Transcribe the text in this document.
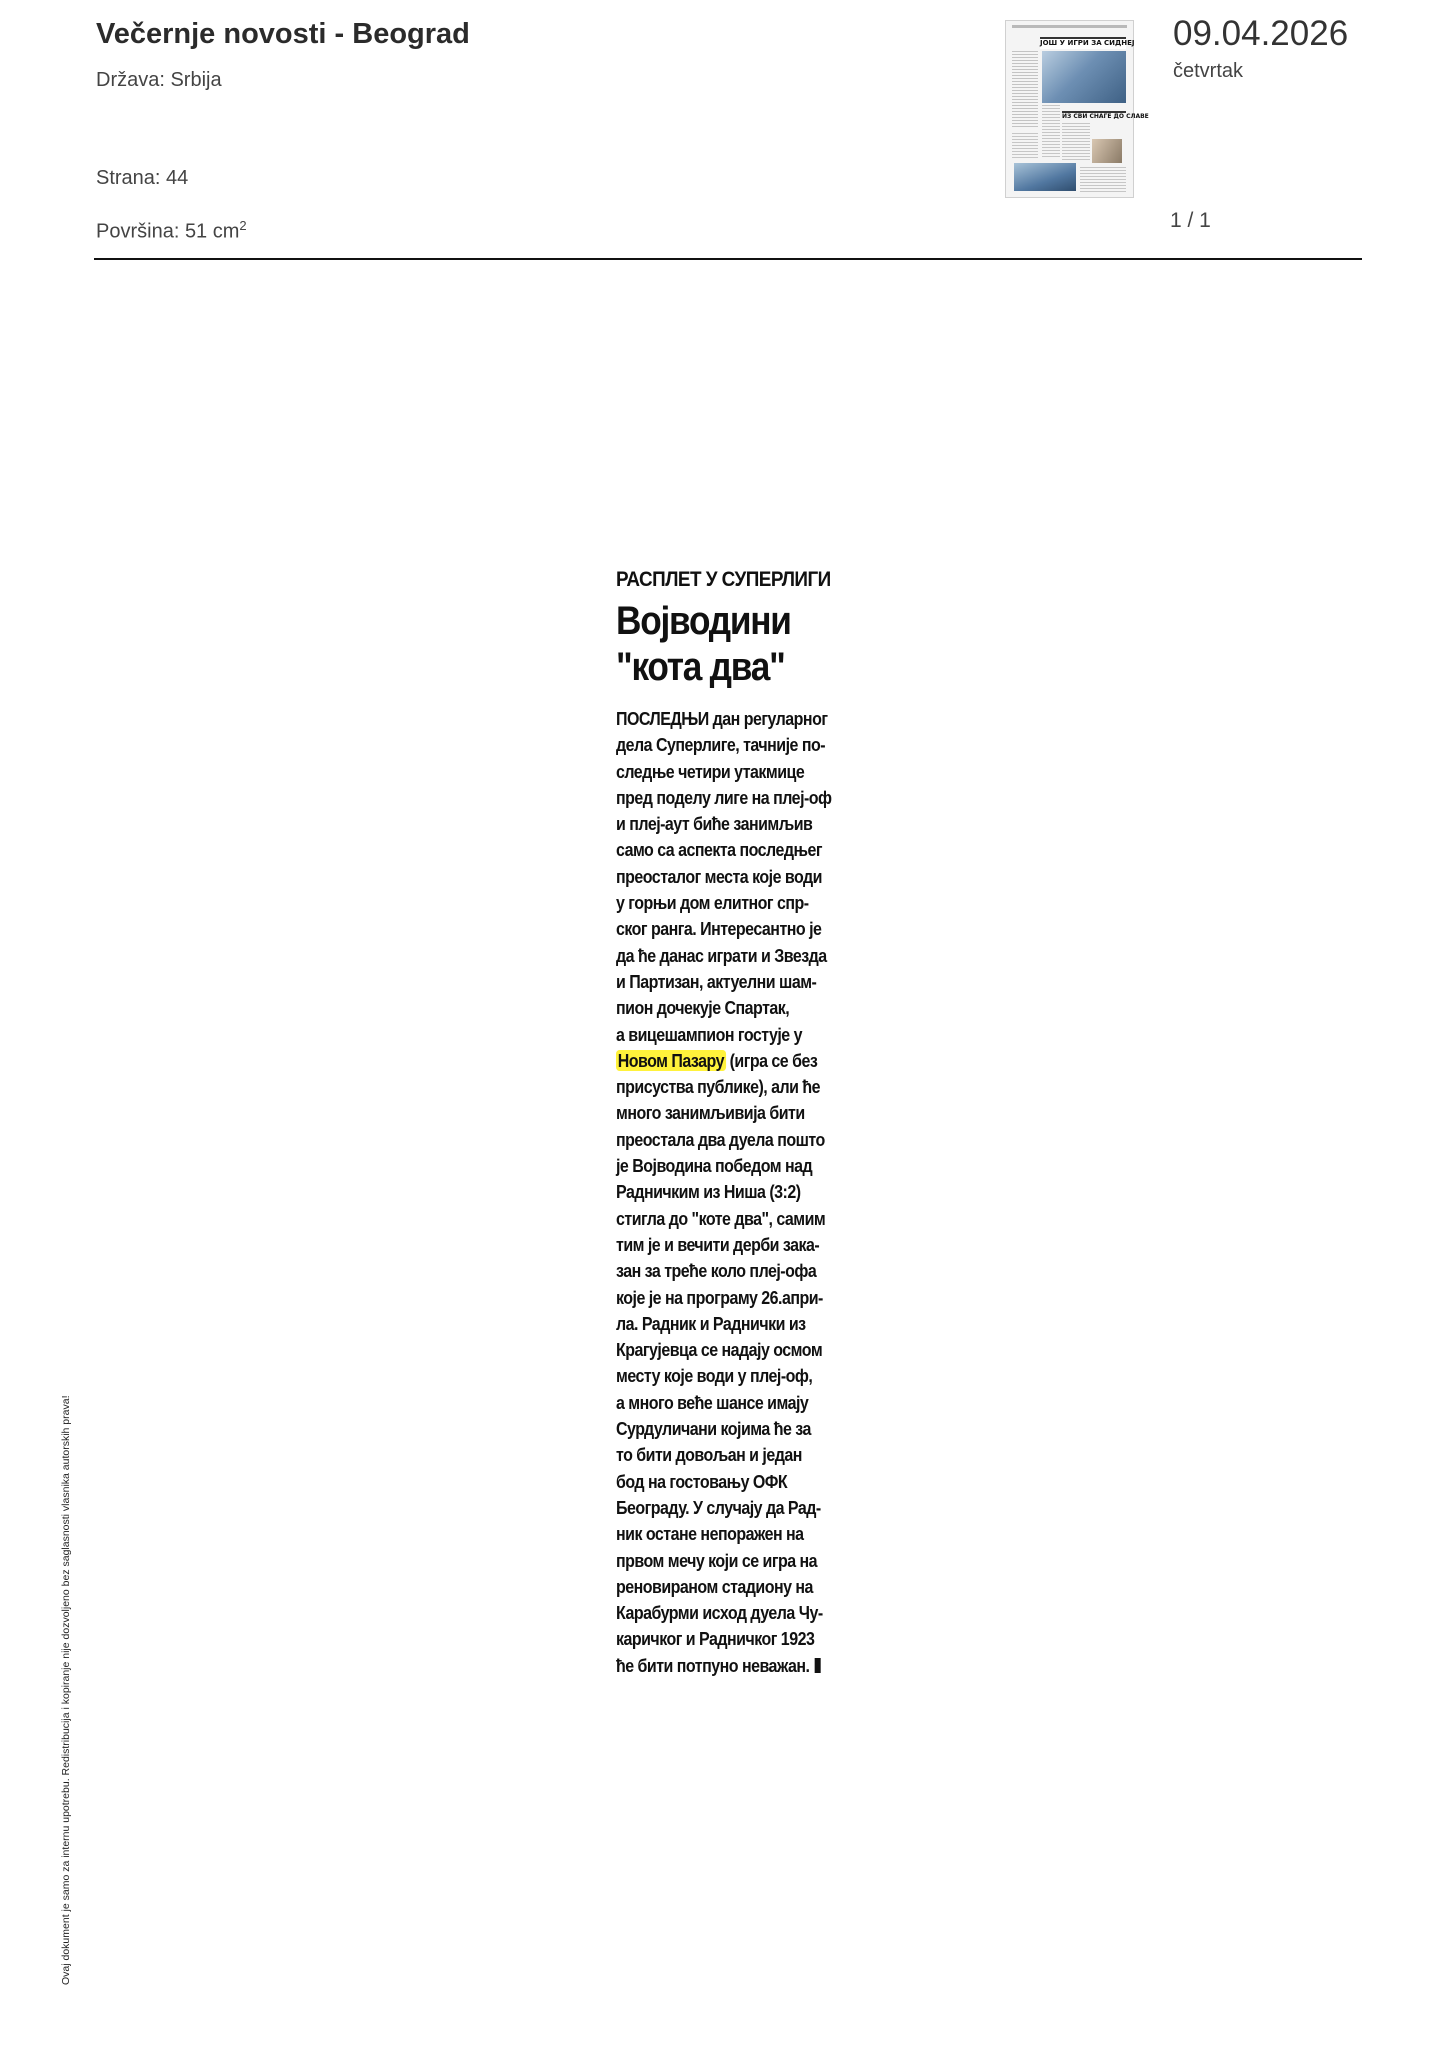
Večernje novosti - Beograd
Država: Srbija
Strana: 44
Površina: 51 $cm^2$
ЈОШ У ИГРИ ЗА СИДНЕЈ
ИЗ СВИ СНАГЕ ДО СЛАВЕ
09.04.2026
četvrtak
1 / 1
РАСПЛЕТ У СУПЕРЛИГИ
Војводини
"кота два"
ПОСЛЕДЊИ дан регуларног
дела Суперлиге, тачније по-
следње четири утакмице
пред поделу лиге на плеј-оф
и плеј-аут биће занимљив
само са аспекта последњег
преосталог места које води
у горњи дом елитног спр-
ског ранга. Интересантно је
да ће данас играти и Звезда
и Партизан, актуелни шам-
пион дочекује Спартак,
а вицешампион гостује у
Новом Пазару (игра се без
присуства публике), али ће
много занимљивија бити
преостала два дуела пошто
је Војводина победом над
Радничким из Ниша (3:2)
стигла до "коте два", самим
тим је и вечити дерби зака-
зан за треће коло плеј-офа
које је на програму 26.апри-
ла. Радник и Раднички из
Крагујевца се надају осмом
месту које води у плеј-оф,
а много веће шансе имају
Сурдуличани којима ће за
то бити довољан и један
бод на гостовању ОФК
Београду. У случају да Рад-
ник остане непоражен на
првом мечу који се игра на
реновираном стадиону на
Карабурми исход дуела Чу-
каричког и Радничког 1923
ће бити потпуно неважан.
Ovaj dokument je samo za internu upotrebu. Redistribucija i kopiranje nije dozvoljeno bez saglasnosti vlasnika autorskih prava!
